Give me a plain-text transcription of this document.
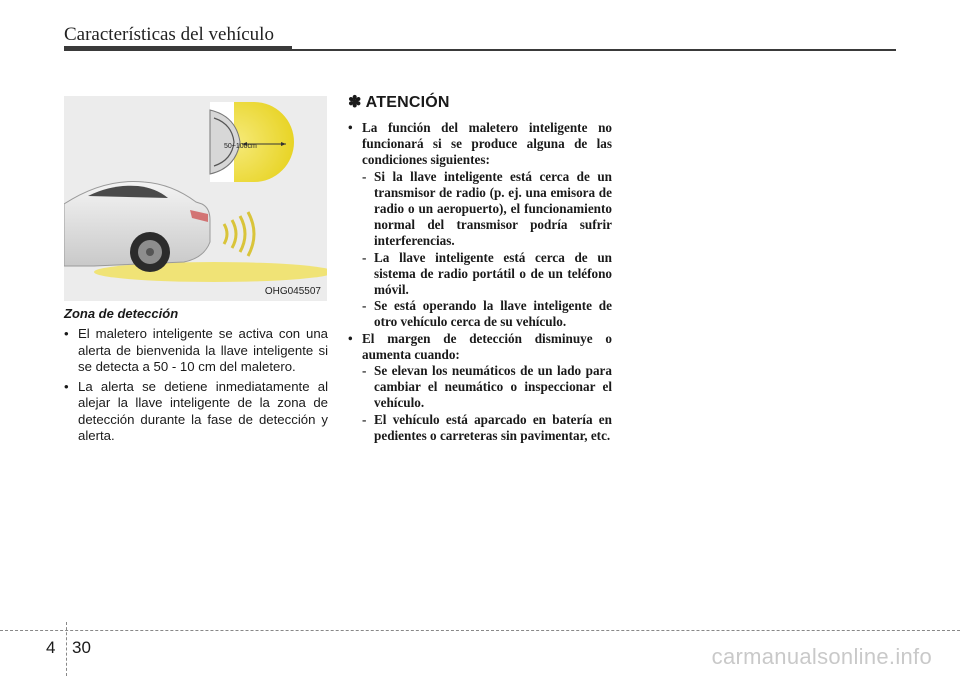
Características del vehículo
50~100cm
OHG045507
Zona de detección
• El maletero inteligente se activa con una alerta de bienvenida la llave inteligente si se detecta a 50 - 10 cm del maletero.
• La alerta se detiene inmediatamente al alejar la llave inteligente de la zona de detección durante la fase de detección y alerta.
✽ ATENCIÓN
• La función del maletero inteligente no funcionará si se produce alguna de las condiciones siguientes:
- Si la llave inteligente está cerca de un transmisor de radio (p. ej. una emisora de radio o un aeropuerto), el funcionamiento normal del transmisor podría sufrir interferencias.
- La llave inteligente está cerca de un sistema de radio portátil o de un teléfono móvil.
- Se está operando la llave inteligente de otro vehículo cerca de su vehículo.
• El margen de detección disminuye o aumenta cuando:
- Se elevan los neumáticos de un lado para cambiar el neumático o inspeccionar el vehículo.
- El vehículo está aparcado en batería en pedientes o carreteras sin pavimentar, etc.
4 30	carmanualsonline.info
